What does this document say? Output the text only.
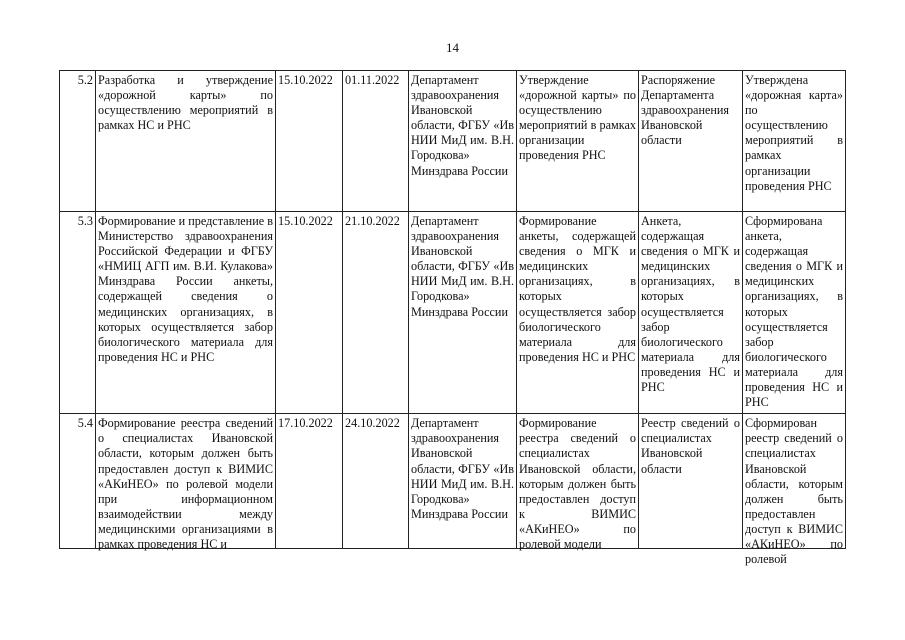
14
5.2	Разработка и утверждение «дорожной карты» по осуществлению мероприятий в рамках НС и РНС	15.10.2022	01.11.2022	Департамент здравоохранения Ивановской области, ФГБУ «Ив НИИ МиД им. В.Н. Городкова» Минздрава России	Утверждение «дорожной карты» по осуществлению мероприятий в рамках организации проведения РНС	Распоряжение Департамента здравоохранения Ивановской области	Утверждена «дорожная карта» по осуществлению мероприятий в рамках организации проведения РНС
5.3	Формирование и представление в Министерство здравоохранения Российской Федерации и ФГБУ «НМИЦ АГП им. В.И. Кулакова» Минздрава России анкеты, содержащей сведения о медицинских организациях, в которых осуществляется забор биологического материала для проведения НС и РНС	15.10.2022	21.10.2022	Департамент здравоохранения Ивановской области, ФГБУ «Ив НИИ МиД им. В.Н. Городкова» Минздрава России	Формирование анкеты, содержащей сведения о МГК и медицинских организациях, в которых осуществляется забор биологического материала для проведения НС и РНС	Анкета, содержащая сведения о МГК и медицинских организациях, в которых осуществляется забор биологического материала для проведения НС и РНС	Сформирована анкета, содержащая сведения о МГК и медицинских организациях, в которых осуществляется забор биологического материала для проведения НС и РНС
5.4	Формирование реестра сведений о специалистах Ивановской области, которым должен быть предоставлен доступ к ВИМИС «АКиНЕО» по ролевой модели при информационном взаимодействии между медицинскими организациями в рамках проведения НС и	17.10.2022	24.10.2022	Департамент здравоохранения Ивановской области, ФГБУ «Ив НИИ МиД им. В.Н. Городкова» Минздрава России	Формирование реестра сведений о специалистах Ивановской области, которым должен быть предоставлен доступ к ВИМИС «АКиНЕО» по ролевой модели	Реестр сведений о специалистах Ивановской области	Сформирован реестр сведений о специалистах Ивановской области, которым должен быть предоставлен доступ к ВИМИС «АКиНЕО» по ролевой
